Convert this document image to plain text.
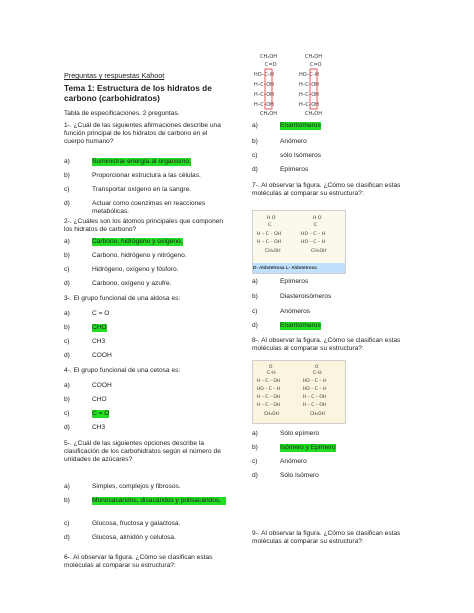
Preguntas y respuestas Kahoot
Tema 1: Estructura de los hidratos de carbono (carbohidratos)
Tabla de especificaciones. 2 preguntas.
1-. ¿Cuál de las siguientes afirmaciones describe una función principal de los hidratos de carbono en el cuerpo humano?
a)	Suministrar energía al organismo.
b)	Proporcionar estructura a las células.
c)	Transportar oxígeno en la sangre.
d)	Actuar como coenzimas en reacciones metabólicas.
2-. ¿Cuáles son los átomos principales que componen los hidratos de carbono?
a)	Carbono, hidrógeno y oxígeno.
b)	Carbono, hidrógeno y nitrógeno.
c)	Hidrógeno, oxígeno y fósforo.
d)	Carbono, oxígeno y azufre.
3-. El grupo funcional de una aldosa es:
a)	C = O
b)	CHO
c)	CH3
d)	COOH
4-. El grupo funcional de una cetosa es:
a)	COOH
b)	CHO
c)	C = O
d)	CH3
5-. ¿Cuál de las siguientes opciones describe la clasificación de los carbohidratos según el número de unidades de azúcares?
a)	Simples, complejos y fibrosos.
b)	Monosacáridos, disacáridos y polisacáridos.
c)	Glucosa, fructosa y galactosa.
d)	Glucosa, almidón y celulosa.
6-. Al observar la figura. ¿Cómo se clasifican estas moléculas al comparar su estructura?:
CH₂OH
C=O
HO–C–H
H–C–OH
H–C–OH
H–C–OH
CH₂OH
CH₂OH
C=O
HO–C–H
H–C–OH
H–C–OH
H–C–OH
CH₂OH
a)	Enantiómeros
b)	Anómero
c)	sólo Isómeros
d)	Epímeros
7-. Al observar la figura. ¿Cómo se clasifican estas moléculas al comparar su estructura?:
H O
C
H – C – OH
H – C – OH
CH₂OH
H O
C
HO – C – H
HO – C – H
CH₂OH
D- Aldotetrosa L- Aldotetrosa
a)	Epímeros
b)	Diasteroisómeros
c)	Anómeros
d)	Enantiómeros
8-. Al observar la figura. ¿Cómo se clasifican estas moléculas al comparar su estructura?:
O
C–H
H – C – OH
HO – C – H
H – C – OH
H – C – OH
CH₂OH
O
C–H
HO – C – H
HO – C – H
H – C – OH
H – C – OH
CH₂OH
a)	Sólo epímero
b)	Isómero y Epímero
c)	Anómero
d)	Sólo Isómero
9-. Al observar la figura. ¿Cómo se clasifican estas moléculas al comparar su estructura?:
